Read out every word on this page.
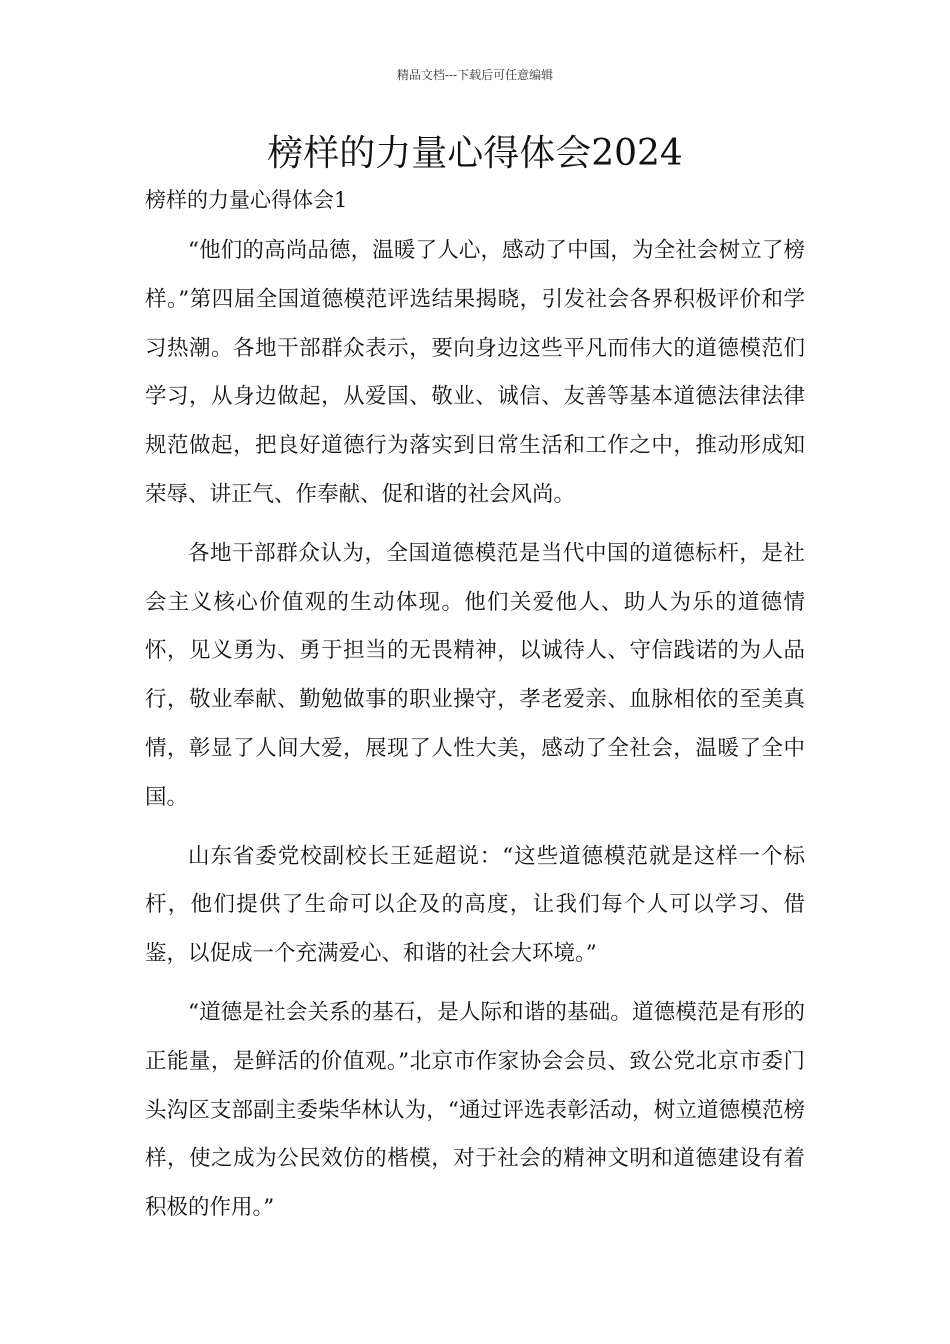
精品文档---下载后可任意编辑
榜样的力量心得体会2024
榜样的力量心得体会1

“他们的高尚品德，温暖了人心，感动了中国，为全社会树立了榜样。”第四届全国道德模范评选结果揭晓，引发社会各界积极评价和学习热潮。各地干部群众表示，要向身边这些平凡而伟大的道德模范们学习，从身边做起，从爱国、敬业、诚信、友善等基本道德法律法律规范做起，把良好道德行为落实到日常生活和工作之中，推动形成知荣辱、讲正气、作奉献、促和谐的社会风尚。

各地干部群众认为，全国道德模范是当代中国的道德标杆，是社会主义核心价值观的生动体现。他们关爱他人、助人为乐的道德情怀，见义勇为、勇于担当的无畏精神，以诚待人、守信践诺的为人品行，敬业奉献、勤勉做事的职业操守，孝老爱亲、血脉相依的至美真情，彰显了人间大爱，展现了人性大美，感动了全社会，温暖了全中国。

山东省委党校副校长王延超说：“这些道德模范就是这样一个标杆，他们提供了生命可以企及的高度，让我们每个人可以学习、借鉴，以促成一个充满爱心、和谐的社会大环境。”

“道德是社会关系的基石，是人际和谐的基础。道德模范是有形的正能量，是鲜活的价值观。”北京市作家协会会员、致公党北京市委门头沟区支部副主委柴华林认为，“通过评选表彰活动，树立道德模范榜样，使之成为公民效仿的楷模，对于社会的精神文明和道德建设有着积极的作用。”
